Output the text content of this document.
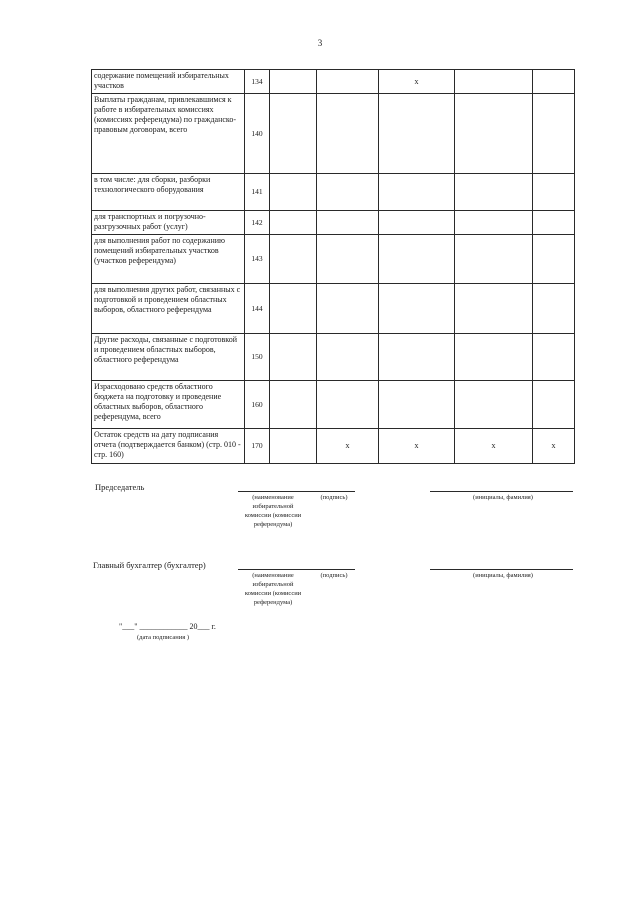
3
содержание помещений избирательных участков	134			x		
Выплаты гражданам, привлекавшимся к работе в избирательных комиссиях (комиссиях референдума) по гражданско-правовым договорам, всего	140					
в том числе: для сборки, разборки технологического оборудования	141					
для транспортных и погрузочно-разгрузочных работ (услуг)	142					
для выполнения работ по содержанию помещений избирательных участков (участков референдума)	143					
для выполнения других работ, связанных с подготовкой и проведением областных выборов, областного референдума	144					
Другие расходы, связанные с подготовкой и проведением областных выборов, областного референдума	150					
Израсходовано средств областного бюджета на подготовку и проведение областных выборов, областного референдума, всего	160					
Остаток средств на дату подписания отчета (подтверждается банком) (стр. 010 - стр. 160)	170		x	x	x	x
Председатель
(наименование избирательной комиссии (комиссии референдума)
(подпись)	(инициалы, фамилия)
Главный бухгалтер (бухгалтер)
(наименование избирательной комиссии (комиссии референдума)
(подпись)	(инициалы, фамилия)
"___" ____________ 20___ г.
(дата подписания )
